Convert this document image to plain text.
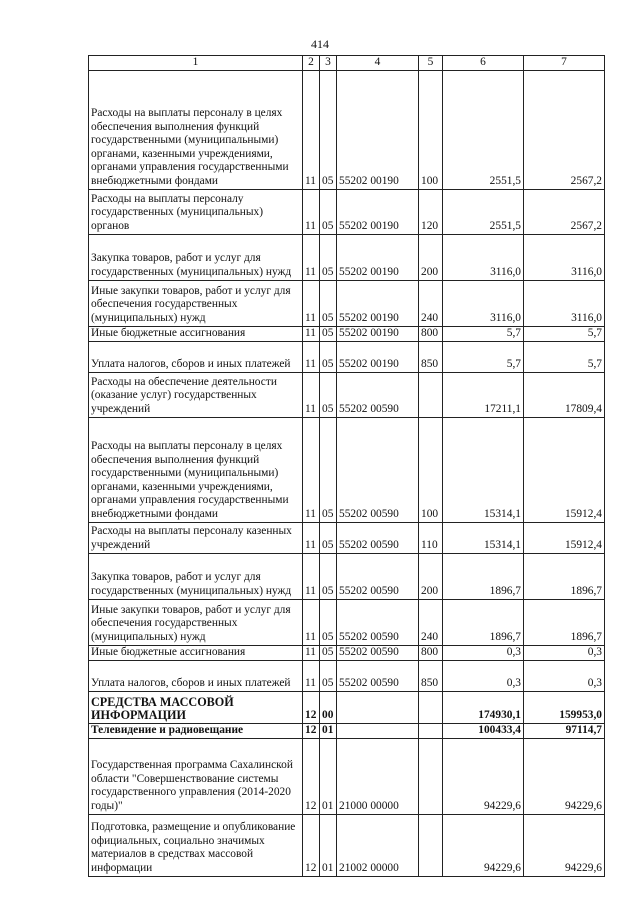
414
1	2	3	4	5	6	7
Расходы на выплаты персоналу в целях обеспечения выполнения функций государственными (муниципальными) органами, казенными учреждениями, органами управления государственными внебюджетными фондами	11	05	55202 00190	100	2551,5	2567,2
Расходы на выплаты персоналу государственных (муниципальных) органов	11	05	55202 00190	120	2551,5	2567,2
Закупка товаров, работ и услуг для государственных (муниципальных) нужд	11	05	55202 00190	200	3116,0	3116,0
Иные закупки товаров, работ и услуг для обеспечения государственных (муниципальных) нужд	11	05	55202 00190	240	3116,0	3116,0
Иные бюджетные ассигнования	11	05	55202 00190	800	5,7	5,7
Уплата налогов, сборов и иных платежей	11	05	55202 00190	850	5,7	5,7
Расходы на обеспечение деятельности (оказание услуг) государственных учреждений	11	05	55202 00590		17211,1	17809,4
Расходы на выплаты персоналу в целях обеспечения выполнения функций государственными (муниципальными) органами, казенными учреждениями, органами управления государственными внебюджетными фондами	11	05	55202 00590	100	15314,1	15912,4
Расходы на выплаты персоналу казенных учреждений	11	05	55202 00590	110	15314,1	15912,4
Закупка товаров, работ и услуг для государственных (муниципальных) нужд	11	05	55202 00590	200	1896,7	1896,7
Иные закупки товаров, работ и услуг для обеспечения государственных (муниципальных) нужд	11	05	55202 00590	240	1896,7	1896,7
Иные бюджетные ассигнования	11	05	55202 00590	800	0,3	0,3
Уплата налогов, сборов и иных платежей	11	05	55202 00590	850	0,3	0,3
СРЕДСТВА МАССОВОЙ ИНФОРМАЦИИ	12	00			174930,1	159953,0
Телевидение и радиовещание	12	01			100433,4	97114,7
Государственная программа Сахалинской области "Совершенствование системы государственного управления (2014-2020 годы)"	12	01	21000 00000		94229,6	94229,6
Подготовка, размещение и опубликование официальных, социально значимых материалов в средствах массовой информации	12	01	21002 00000		94229,6	94229,6
